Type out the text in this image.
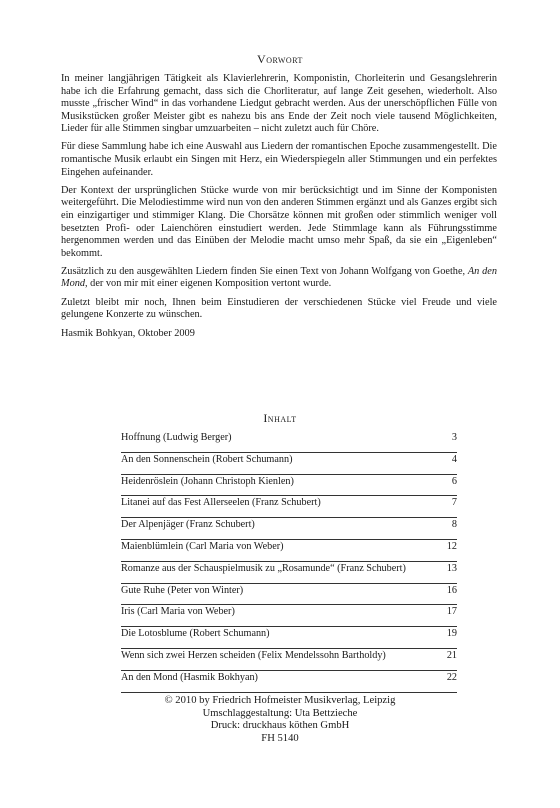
Vorwort

In meiner langjährigen Tätigkeit als Klavierlehrerin, Komponistin, Chorleiterin und Gesangslehrerin habe ich die Erfahrung gemacht, dass sich die Chorliteratur, auf lange Zeit gesehen, wiederholt. Also musste „frischer Wind“ in das vorhandene Liedgut gebracht werden. Aus der unerschöpflichen Fülle von Musikstücken großer Meister gibt es nahezu bis ans Ende der Zeit noch viele tausend Möglichkeiten, Lieder für alle Stimmen singbar umzuarbeiten – nicht zuletzt auch für Chöre.

Für diese Sammlung habe ich eine Auswahl aus Liedern der romantischen Epoche zusammengestellt. Die romantische Musik erlaubt ein Singen mit Herz, ein Wiederspiegeln aller Stimmungen und ein perfektes Eingehen aufeinander.

Der Kontext der ursprünglichen Stücke wurde von mir berücksichtigt und im Sinne der Komponisten weitergeführt. Die Melodiestimme wird nun von den anderen Stimmen ergänzt und als Ganzes ergibt sich ein einzigartiger und stimmiger Klang. Die Chorsätze können mit großen oder stimmlich weniger voll besetzten Profi- oder Laienchören einstudiert werden. Jede Stimmlage kann als Führungsstimme hergenommen werden und das Einüben der Melodie macht umso mehr Spaß, da sie ein „Eigenleben“ bekommt.

Zusätzlich zu den ausgewählten Liedern finden Sie einen Text von Johann Wolfgang von Goethe, An den Mond, der von mir mit einer eigenen Komposition vertont wurde.

Zuletzt bleibt mir noch, Ihnen beim Einstudieren der verschiedenen Stücke viel Freude und viele gelungene Konzerte zu wünschen.

Hasmik Bohkyan, Oktober 2009

Inhalt
Hoffnung (Ludwig Berger)	3
An den Sonnenschein (Robert Schumann)	4
Heidenröslein (Johann Christoph Kienlen)	6
Litanei auf das Fest Allerseelen (Franz Schubert)	7
Der Alpenjäger (Franz Schubert)	8
Maienblümlein (Carl Maria von Weber)	12
Romanze aus der Schauspielmusik zu „Rosamunde“ (Franz Schubert)	13
Gute Ruhe (Peter von Winter)	16
Iris (Carl Maria von Weber)	17
Die Lotosblume (Robert Schumann)	19
Wenn sich zwei Herzen scheiden (Felix Mendelssohn Bartholdy)	21
An den Mond (Hasmik Bokhyan)	22
© 2010 by Friedrich Hofmeister Musikverlag, Leipzig
Umschlaggestaltung: Uta Bettzieche
Druck: druckhaus köthen GmbH
FH 5140
